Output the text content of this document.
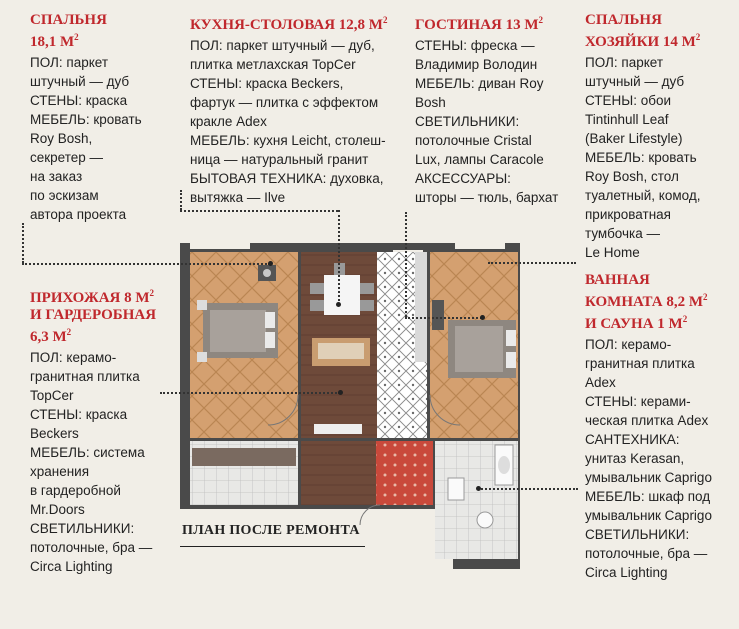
СПАЛЬНЯ

18,1 $М^2$

ПОЛ: паркет

штучный — дуб

СТЕНЫ: краска

МЕБЕЛЬ: кровать

Roy Bosh,

секретер —

на заказ

по эскизам

автора проекта

КУХНЯ-СТОЛОВАЯ 12,8 $М^2$

ПОЛ: паркет штучный — дуб,

плитка метлахская TopCer

СТЕНЫ: краска Beckers,

фартук — плитка с эффектом

кракле Adex

МЕБЕЛЬ: кухня Leicht, столеш-

ница — натуральный гранит

БЫТОВАЯ ТЕХНИКА: духовка,

вытяжка — Ilve

ГОСТИНАЯ 13 $М^2$

СТЕНЫ: фреска —

Владимир Володин

МЕБЕЛЬ: диван Roy

Bosh

СВЕТИЛЬНИКИ:

потолочные Cristal

Lux, лампы Caracole

АКСЕССУАРЫ:

шторы — тюль, бархат

СПАЛЬНЯ

ХОЗЯЙКИ 14 $М^2$

ПОЛ: паркет

штучный — дуб

СТЕНЫ: обои

Tintinhull Leaf

(Baker Lifestyle)

МЕБЕЛЬ: кровать

Roy Bosh, стол

туалетный, комод,

прикроватная

тумбочка —

Le Home

ПРИХОЖАЯ 8 $М^2$

И ГАРДЕРОБНАЯ

6,3 $М^2$

ПОЛ: керамо-

гранитная плитка

TopCer

СТЕНЫ: краска

Beckers

МЕБЕЛЬ: система

хранения

в гардеробной

Mr.Doors

СВЕТИЛЬНИКИ:

потолочные, бра —

Circa Lighting

ВАННАЯ

КОМНАТА 8,2 $М^2$

И САУНА 1 $М^2$

ПОЛ: керамо-

гранитная плитка

Adex

СТЕНЫ: керами-

ческая плитка Adex

САНТЕХНИКА:

унитаз Kerasan,

умывальник Caprigo

МЕБЕЛЬ: шкаф под

умывальник Caprigo

СВЕТИЛЬНИКИ:

потолочные, бра —

Circa Lighting

ПЛАН ПОСЛЕ РЕМОНТА
